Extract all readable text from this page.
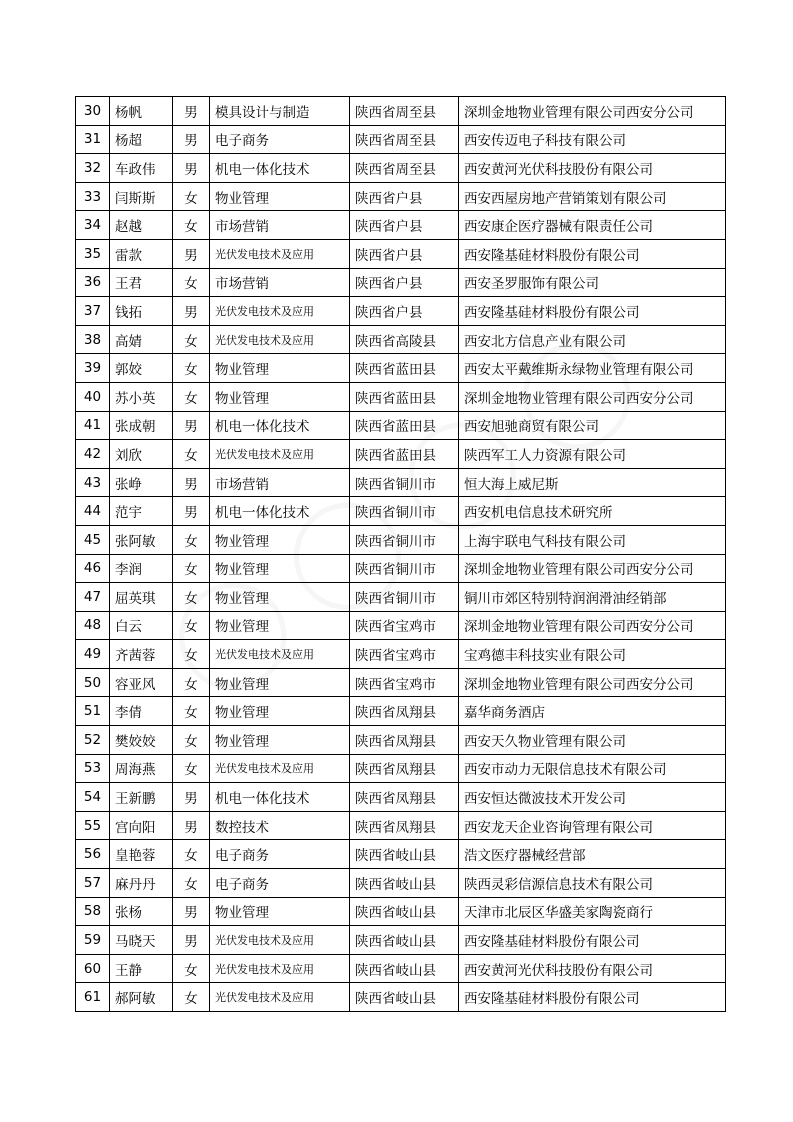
30	杨帆	男	模具设计与制造	陕西省周至县	深圳金地物业管理有限公司西安分公司
31	杨超	男	电子商务	陕西省周至县	西安传迈电子科技有限公司
32	车政伟	男	机电一体化技术	陕西省周至县	西安黄河光伏科技股份有限公司
33	闫斯斯	女	物业管理	陕西省户县	西安西屋房地产营销策划有限公司
34	赵越	女	市场营销	陕西省户县	西安康企医疗器械有限责任公司
35	雷款	男	光伏发电技术及应用	陕西省户县	西安隆基硅材料股份有限公司
36	王君	女	市场营销	陕西省户县	西安圣罗服饰有限公司
37	钱拓	男	光伏发电技术及应用	陕西省户县	西安隆基硅材料股份有限公司
38	高婧	女	光伏发电技术及应用	陕西省高陵县	西安北方信息产业有限公司
39	郭姣	女	物业管理	陕西省蓝田县	西安太平戴维斯永绿物业管理有限公司
40	苏小英	女	物业管理	陕西省蓝田县	深圳金地物业管理有限公司西安分公司
41	张成朝	男	机电一体化技术	陕西省蓝田县	西安旭驰商贸有限公司
42	刘欣	女	光伏发电技术及应用	陕西省蓝田县	陕西军工人力资源有限公司
43	张峥	男	市场营销	陕西省铜川市	恒大海上威尼斯
44	范宇	男	机电一体化技术	陕西省铜川市	西安机电信息技术研究所
45	张阿敏	女	物业管理	陕西省铜川市	上海宇联电气科技有限公司
46	李润	女	物业管理	陕西省铜川市	深圳金地物业管理有限公司西安分公司
47	屈英琪	女	物业管理	陕西省铜川市	铜川市郊区特别特润润滑油经销部
48	白云	女	物业管理	陕西省宝鸡市	深圳金地物业管理有限公司西安分公司
49	齐茜蓉	女	光伏发电技术及应用	陕西省宝鸡市	宝鸡德丰科技实业有限公司
50	容亚风	女	物业管理	陕西省宝鸡市	深圳金地物业管理有限公司西安分公司
51	李倩	女	物业管理	陕西省凤翔县	嘉华商务酒店
52	樊姣姣	女	物业管理	陕西省凤翔县	西安天久物业管理有限公司
53	周海燕	女	光伏发电技术及应用	陕西省凤翔县	西安市动力无限信息技术有限公司
54	王新鹏	男	机电一体化技术	陕西省凤翔县	西安恒达微波技术开发公司
55	宫向阳	男	数控技术	陕西省凤翔县	西安龙天企业咨询管理有限公司
56	皇艳蓉	女	电子商务	陕西省岐山县	浩文医疗器械经营部
57	麻丹丹	女	电子商务	陕西省岐山县	陕西灵彩信源信息技术有限公司
58	张杨	男	物业管理	陕西省岐山县	天津市北辰区华盛美家陶瓷商行
59	马晓天	男	光伏发电技术及应用	陕西省岐山县	西安隆基硅材料股份有限公司
60	王静	女	光伏发电技术及应用	陕西省岐山县	西安黄河光伏科技股份有限公司
61	郝阿敏	女	光伏发电技术及应用	陕西省岐山县	西安隆基硅材料股份有限公司
